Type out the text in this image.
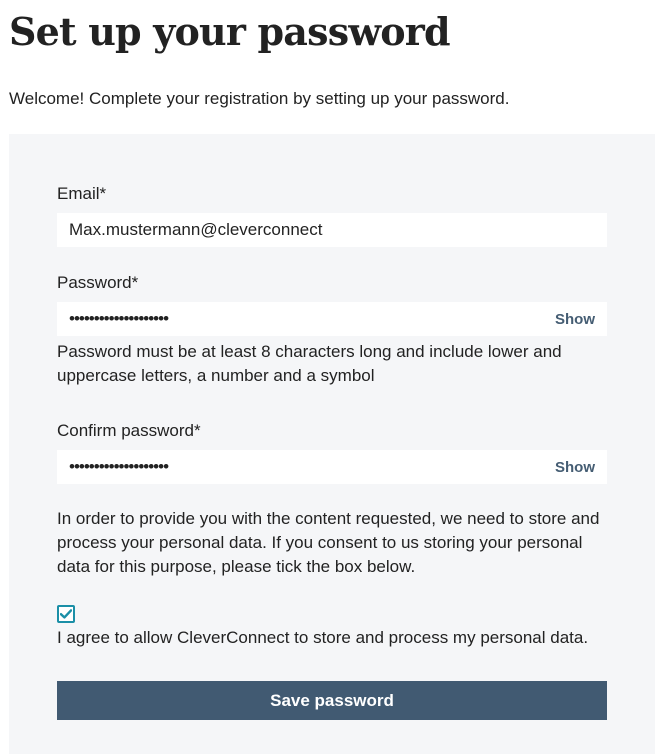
Set up your password

Welcome! Complete your registration by setting up your password.

Email*
Max.mustermann@cleverconnect
Password*
••••••••••••••••••••	Show

Password must be at least 8 characters long and include lower and uppercase letters, a number and a symbol

Confirm password*
••••••••••••••••••••	Show

In order to provide you with the content requested, we need to store and process your personal data. If you consent to us storing your personal data for this purpose, please tick the box below.

I agree to allow CleverConnect to store and process my personal data.

Save password
